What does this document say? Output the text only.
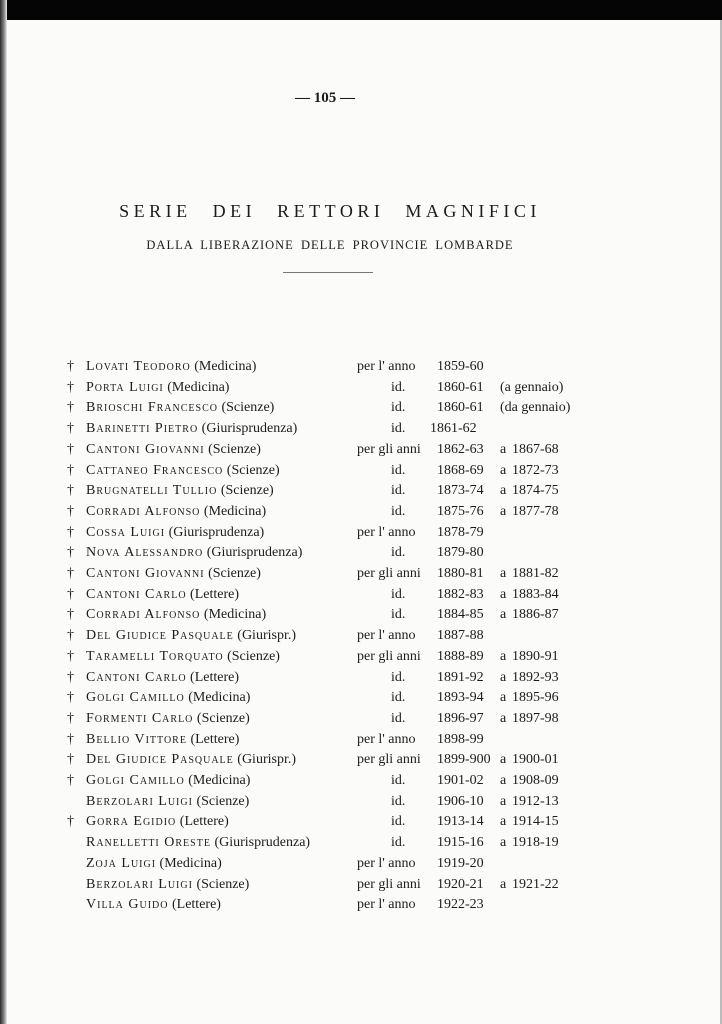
— 105 —
SERIE DEI RETTORI MAGNIFICI
DALLA LIBERAZIONE DELLE PROVINCIE LOMBARDE
† Lovati Teodoro (Medicina)	per l' anno 1859-60
† Porta Luigi (Medicina)	id. 1860-61 (a gennaio)
† Brioschi Francesco (Scienze)	id. 1860-61 (da gennaio)
† Barinetti Pietro (Giurisprudenza)	id. 1861-62
† Cantoni Giovanni (Scienze)	per gli anni 1862-63 a 1867-68
† Cattaneo Francesco (Scienze)	id. 1868-69 a 1872-73
† Brugnatelli Tullio (Scienze)	id. 1873-74 a 1874-75
† Corradi Alfonso (Medicina)	id. 1875-76 a 1877-78
† Cossa Luigi (Giurisprudenza)	per l' anno 1878-79
† Nova Alessandro (Giurisprudenza)	id. 1879-80
† Cantoni Giovanni (Scienze)	per gli anni 1880-81 a 1881-82
† Cantoni Carlo (Lettere)	id. 1882-83 a 1883-84
† Corradi Alfonso (Medicina)	id. 1884-85 a 1886-87
† Del Giudice Pasquale (Giurispr.)	per l' anno 1887-88
† Taramelli Torquato (Scienze)	per gli anni 1888-89 a 1890-91
† Cantoni Carlo (Lettere)	id. 1891-92 a 1892-93
† Golgi Camillo (Medicina)	id. 1893-94 a 1895-96
† Formenti Carlo (Scienze)	id. 1896-97 a 1897-98
† Bellio Vittore (Lettere)	per l' anno 1898-99
† Del Giudice Pasquale (Giurispr.)	per gli anni 1899-900 a 1900-01
† Golgi Camillo (Medicina)	id. 1901-02 a 1908-09
Berzolari Luigi (Scienze)	id. 1906-10 a 1912-13
† Gorra Egidio (Lettere)	id. 1913-14 a 1914-15
Ranelletti Oreste (Giurisprudenza)	id. 1915-16 a 1918-19
Zoja Luigi (Medicina)	per l' anno 1919-20
Berzolari Luigi (Scienze)	per gli anni 1920-21 a 1921-22
Villa Guido (Lettere)	per l' anno 1922-23
